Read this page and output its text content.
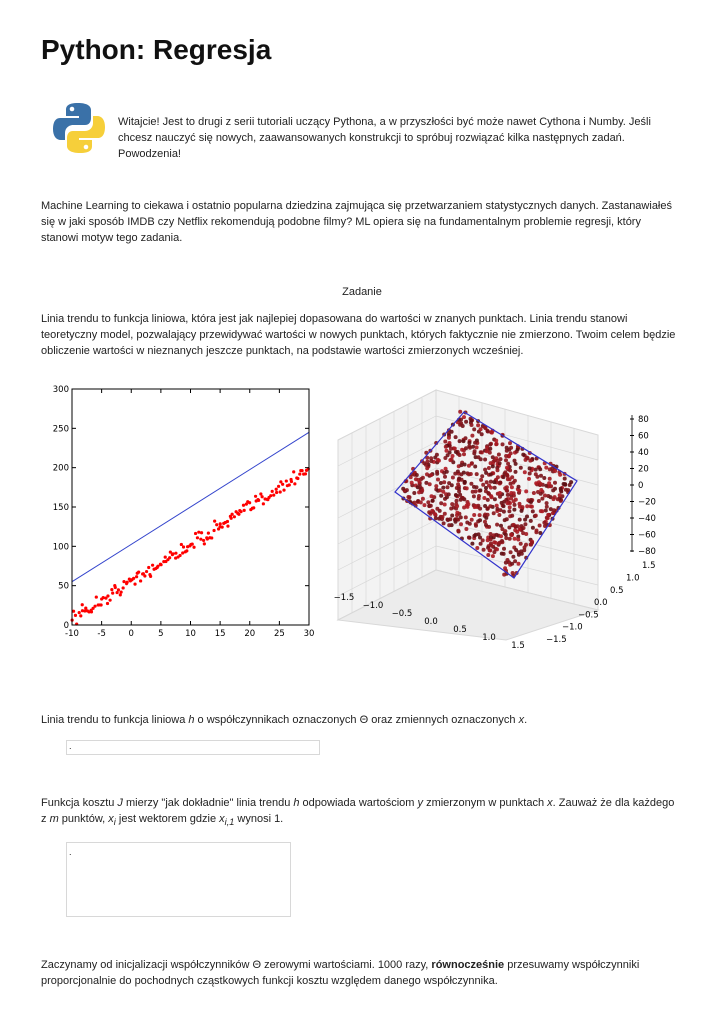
Python: Regresja
Witajcie! Jest to drugi z serii tutoriali uczący Pythona, a w przyszłości być może nawet Cythona i Numby. Jeśli chcesz nauczyć się nowych, zaawansowanych konstrukcji to spróbuj rozwiązać kilka następnych zadań. Powodzenia!
Machine Learning to ciekawa i ostatnio popularna dziedzina zajmująca się przetwarzaniem statystycznych danych. Zastanawiałeś się w jaki sposób IMDB czy Netflix rekomendują podobne filmy? ML opiera się na fundamentalnym problemie regresji, który stanowi motyw tego zadania.
Zadanie
Linia trendu to funkcja liniowa, która jest jak najlepiej dopasowana do wartości w znanych punktach. Linia trendu stanowi teoretyczny model, pozwalający przewidywać wartości w nowych punktach, których faktycznie nie zmierzono. Twoim celem będzie obliczenie wartości w nieznanych jeszcze punktach, na podstawie wartości zmierzonych wcześniej.
0
50
100
150
200
250
300
-10 -5	0	5	10 15 20 25 30
80
60
40
20
0
−20
−40
−60
−80
−1.5
−1.0
−0.5
0.0
0.5
1.0
1.5
−1.5
−1.0
−0.5
0.0
0.5
1.0
1.5
Linia trendu to funkcja liniowa h o współczynnikach oznaczonych Θ oraz zmiennych oznaczonych x.
.
Funkcja kosztu J mierzy "jak dokładnie" linia trendu h odpowiada wartościom y zmierzonym w punktach x. Zauważ że dla każdego z m punktów, $x_i$ jest wektorem gdzie $x_{i,1}$ wynosi 1.
.
Zaczynamy od inicjalizacji współczynników Θ zerowymi wartościami. 1000 razy, równocześnie przesuwamy współczynniki proporcjonalnie do pochodnych cząstkowych funkcji kosztu względem danego współczynnika.
